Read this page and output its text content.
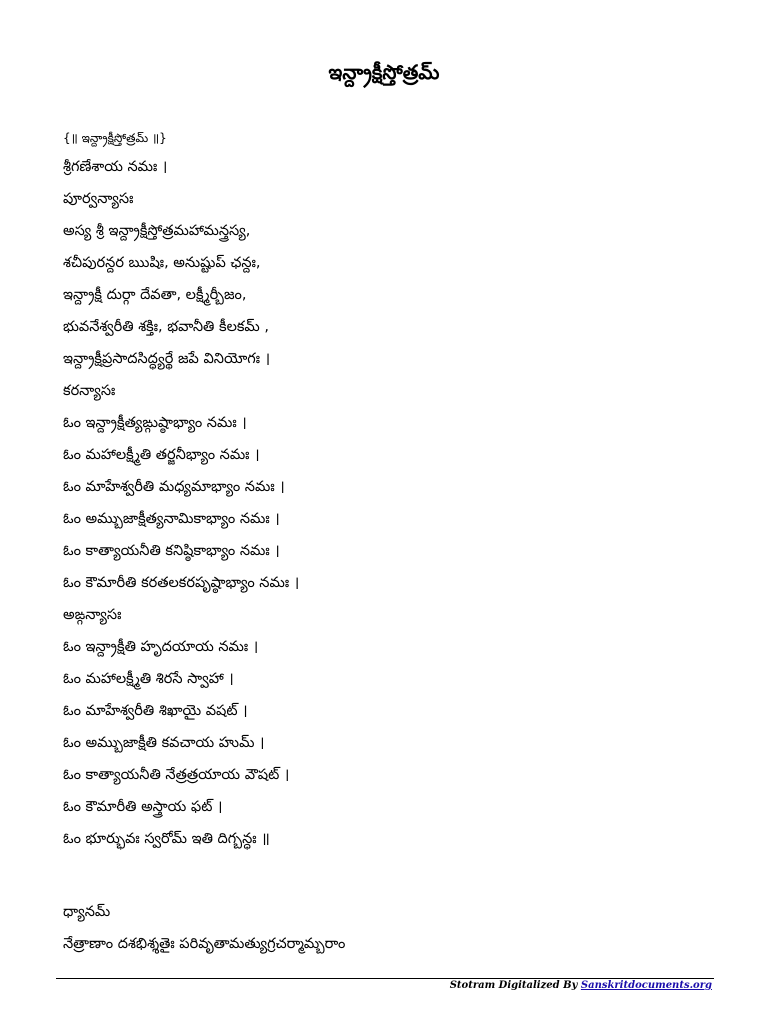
ఇన్ద్రాక్షీస్తోత్రమ్
{॥ ఇన్ద్రాక్షీస్తోత్రమ్ ॥}
శ్రీగణేశాయ నమః ।
పూర్వన్యాసః
అస్య శ్రీ ఇన్ద్రాక్షీస్తోత్రమహామన్త్రస్య,
శచీపురన్దర ఋషిః, అనుష్టుప్ ఛన్దః,
ఇన్ద్రాక్షీ దుర్గా దేవతా, లక్ష్మీర్బీజం,
భువనేశ్వరీతి శక్తిః, భవానీతి కీలకమ్ ,
ఇన్ద్రాక్షీప్రసాదసిద్ధ్యర్థే జపే వినియోగః ।
కరన్యాసః
ఓం ఇన్ద్రాక్షీత్యఙ్గుష్ఠాభ్యాం నమః ।
ఓం మహాలక్ష్మీతి తర్జనీభ్యాం నమః ।
ఓం మాహేశ్వరీతి మధ్యమాభ్యాం నమః ।
ఓం అమ్బుజాక్షీత్యనామికాభ్యాం నమః ।
ఓం కాత్యాయనీతి కనిష్ఠికాభ్యాం నమః ।
ఓం కౌమారీతి కరతలకరపృష్ఠాభ్యాం నమః ।
అఙ్గన్యాసః
ఓం ఇన్ద్రాక్షీతి హృదయాయ నమః ।
ఓం మహాలక్ష్మీతి శిరసే స్వాహా ।
ఓం మాహేశ్వరీతి శిఖాయై వషట్ ।
ఓం అమ్బుజాక్షీతి కవచాయ హుమ్ ।
ఓం కాత్యాయనీతి నేత్రత్రయాయ వౌషట్ ।
ఓం కౌమారీతి అస్త్రాయ ఫట్ ।
ఓం భూర్భువః స్వరోమ్ ఇతి దిగ్బన్ధః ॥
ధ్యానమ్
నేత్రాణాం దశభిశ్శతైః పరివృతామత్యుగ్రచర్మామ్బరాం
Stotram Digitalized By Sanskritdocuments.org
